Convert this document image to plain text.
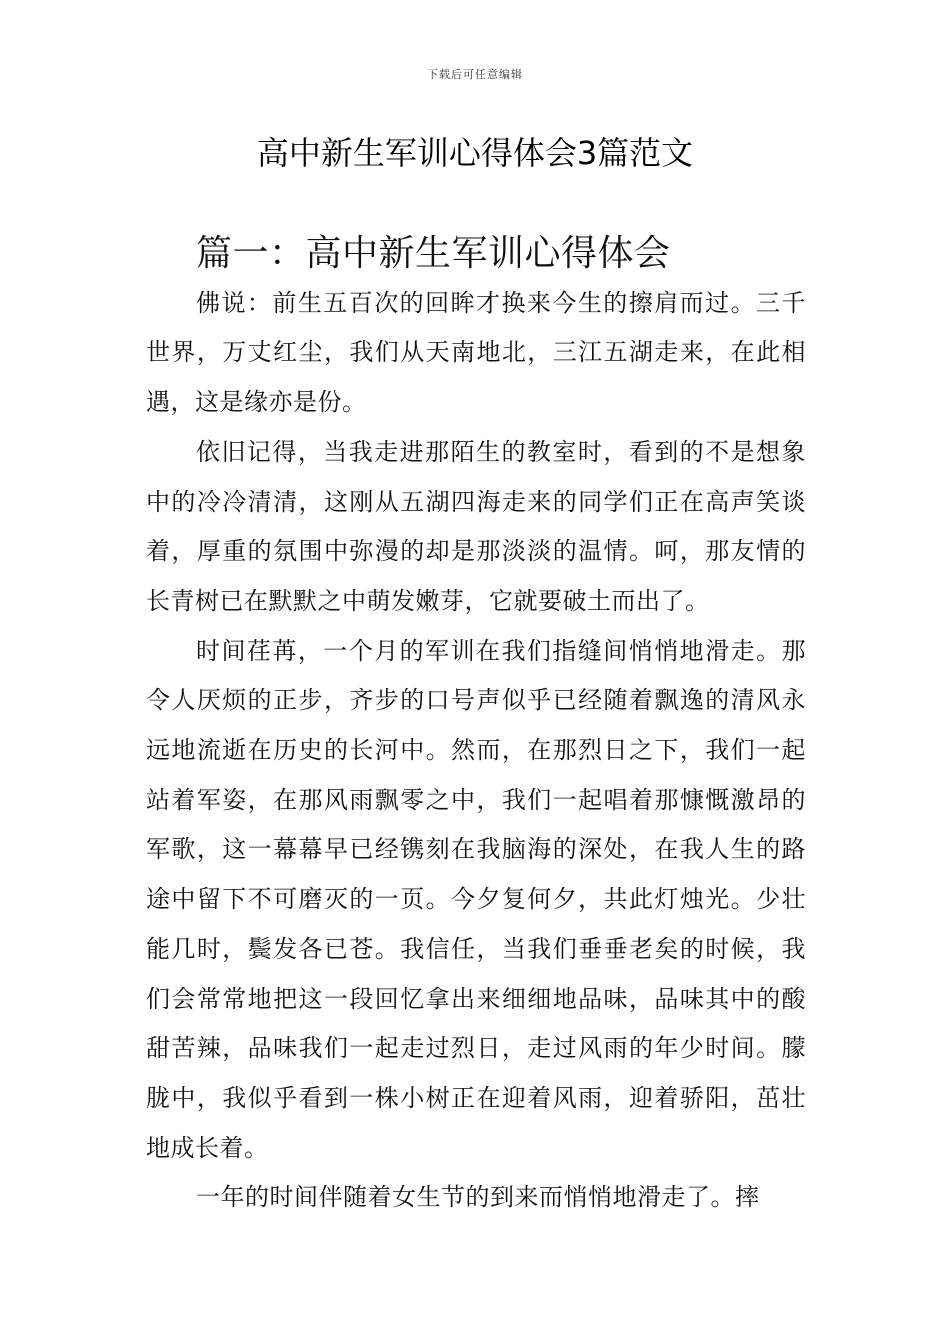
下载后可任意编辑
高中新生军训心得体会3篇范文
篇一：高中新生军训心得体会

佛说：前生五百次的回眸才换来今生的擦肩而过。三千世界，万丈红尘，我们从天南地北，三江五湖走来，在此相遇，这是缘亦是份。

依旧记得，当我走进那陌生的教室时，看到的不是想象中的冷冷清清，这刚从五湖四海走来的同学们正在高声笑谈着，厚重的氛围中弥漫的却是那淡淡的温情。呵，那友情的长青树已在默默之中萌发嫩芽，它就要破土而出了。

时间荏苒，一个月的军训在我们指缝间悄悄地滑走。那令人厌烦的正步，齐步的口号声似乎已经随着飘逸的清风永远地流逝在历史的长河中。然而，在那烈日之下，我们一起站着军姿，在那风雨飘零之中，我们一起唱着那慷慨激昂的军歌，这一幕幕早已经镌刻在我脑海的深处，在我人生的路途中留下不可磨灭的一页。今夕复何夕，共此灯烛光。少壮能几时，鬓发各已苍。我信任，当我们垂垂老矣的时候，我们会常常地把这一段回忆拿出来细细地品味，品味其中的酸甜苦辣，品味我们一起走过烈日，走过风雨的年少时间。朦胧中，我似乎看到一株小树正在迎着风雨，迎着骄阳，茁壮地成长着。

一年的时间伴随着女生节的到来而悄悄地滑走了。摔
